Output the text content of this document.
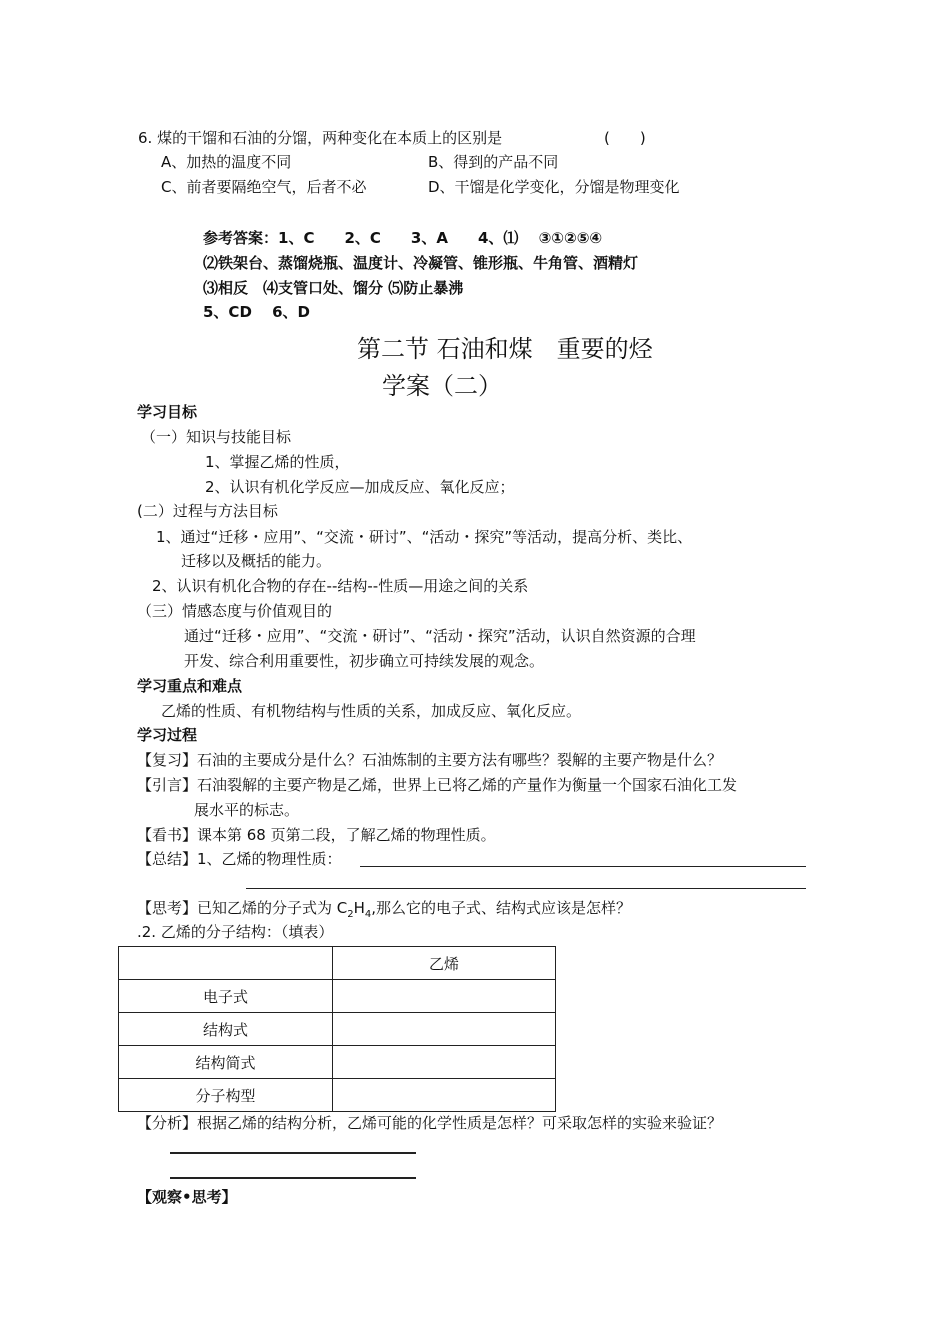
6. 煤的干馏和石油的分馏，两种变化在本质上的区别是	(　　)
A、加热的温度不同	B、得到的产品不同
C、前者要隔绝空气，后者不必	D、干馏是化学变化，分馏是物理变化
参考答案：1、C　　2、C　　3、A　　4、⑴　 ③①②⑤④
⑵铁架台、蒸馏烧瓶、温度计、冷凝管、锥形瓶、牛角管、酒精灯
⑶相反　⑷支管口处、馏分 ⑸防止暴沸
5、CD　 6、D
第二节 石油和煤　重要的烃
学案（二）
学习目标
（一）知识与技能目标
1、掌握乙烯的性质，
2、认识有机化学反应—加成反应、氧化反应；
(二）过程与方法目标
1、通过“迁移・应用”、“交流・研讨”、“活动・探究”等活动，提高分析、类比、
迁移以及概括的能力。
2、认识有机化合物的存在--结构--性质—用途之间的关系
（三）情感态度与价值观目的
通过“迁移・应用”、“交流・研讨”、“活动・探究”活动，认识自然资源的合理
开发、综合利用重要性，初步确立可持续发展的观念。
学习重点和难点
乙烯的性质、有机物结构与性质的关系，加成反应、氧化反应。
学习过程
【复习】石油的主要成分是什么？石油炼制的主要方法有哪些？裂解的主要产物是什么？
【引言】石油裂解的主要产物是乙烯，世界上已将乙烯的产量作为衡量一个国家石油化工发
展水平的标志。
【看书】课本第 68 页第二段，了解乙烯的物理性质。
【总结】1、乙烯的物理性质：
【思考】已知乙烯的分子式为 $C_2H_4$,那么它的电子式、结构式应该是怎样？
.2. 乙烯的分子结构：（填表）
	乙烯
电子式	
结构式	
结构简式	
分子构型	
【分析】根据乙烯的结构分析，乙烯可能的化学性质是怎样？可采取怎样的实验来验证？
【观察•思考】
